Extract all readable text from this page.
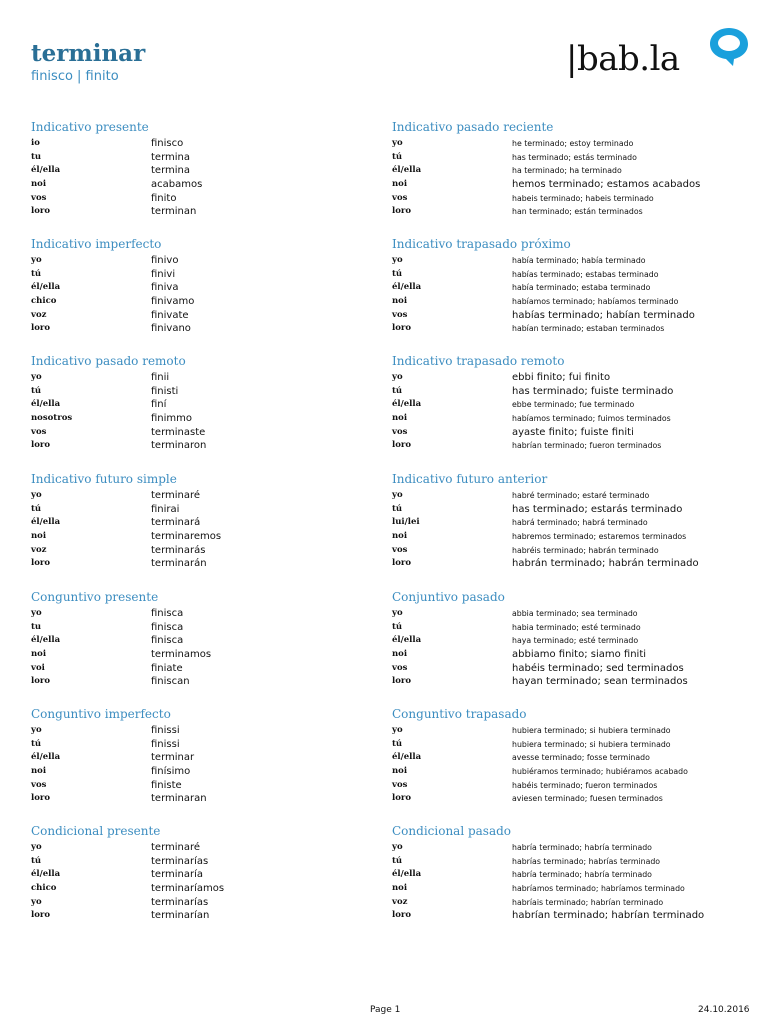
terminar
finisco | finito	|bab.la
Indicativo presente
io	finisco
tu	termina
él/ella	termina
noi	acabamos
vos	finito
loro	terminan
Indicativo pasado reciente
yo	he terminado; estoy terminado
tú	has terminado; estás terminado
él/ella	ha terminado; ha terminado
noi	hemos terminado; estamos acabados
vos	habeis terminado; habeis terminado
loro	han terminado; están terminados
Indicativo imperfecto
yo	finivo
tú	finivi
él/ella	finiva
chico	finivamo
voz	finivate
loro	finivano
Indicativo trapasado próximo
yo	había terminado; había terminado
tú	habías terminado; estabas terminado
él/ella	había terminado; estaba terminado
noi	habíamos terminado; habíamos terminado
vos	habías terminado; habían terminado
loro	habían terminado; estaban terminados
Indicativo pasado remoto
yo	finii
tú	finisti
él/ella	finí
nosotros	finimmo
vos	terminaste
loro	terminaron
Indicativo trapasado remoto
yo	ebbi finito; fui finito
tú	has terminado; fuiste terminado
él/ella	ebbe terminado; fue terminado
noi	habíamos terminado; fuimos terminados
vos	ayaste finito; fuiste finiti
loro	habrían terminado; fueron terminados
Indicativo futuro simple
yo	terminaré
tú	finirai
él/ella	terminará
noi	terminaremos
voz	terminarás
loro	terminarán
Indicativo futuro anterior
yo	habré terminado; estaré terminado
tú	has terminado; estarás terminado
lui/lei	habrá terminado; habrá terminado
noi	habremos terminado; estaremos terminados
vos	habréis terminado; habrán terminado
loro	habrán terminado; habrán terminado
Conguntivo presente
yo	finisca
tu	finisca
él/ella	finisca
noi	terminamos
voi	finiate
loro	finiscan
Conjuntivo pasado
yo	abbia terminado; sea terminado
tú	habia terminado; esté terminado
él/ella	haya terminado; esté terminado
noi	abbiamo finito; siamo finiti
vos	habéis terminado; sed terminados
loro	hayan terminado; sean terminados
Conguntivo imperfecto
yo	finissi
tú	finissi
él/ella	terminar
noi	finísimo
vos	finiste
loro	terminaran
Conguntivo trapasado
yo	hubiera terminado; si hubiera terminado
tú	hubiera terminado; si hubiera terminado
él/ella	avesse terminado; fosse terminado
noi	hubiéramos terminado; hubiéramos acabado
vos	habéis terminado; fueron terminados
loro	aviesen terminado; fuesen terminados
Condicional presente
yo	terminaré
tú	terminarías
él/ella	terminaría
chico	terminaríamos
yo	terminarías
loro	terminarían
Condicional pasado
yo	habría terminado; habría terminado
tú	habrías terminado; habrías terminado
él/ella	habría terminado; habría terminado
noi	habríamos terminado; habríamos terminado
voz	habríais terminado; habrían terminado
loro	habrían terminado; habrían terminado
Page 1	24.10.2016
